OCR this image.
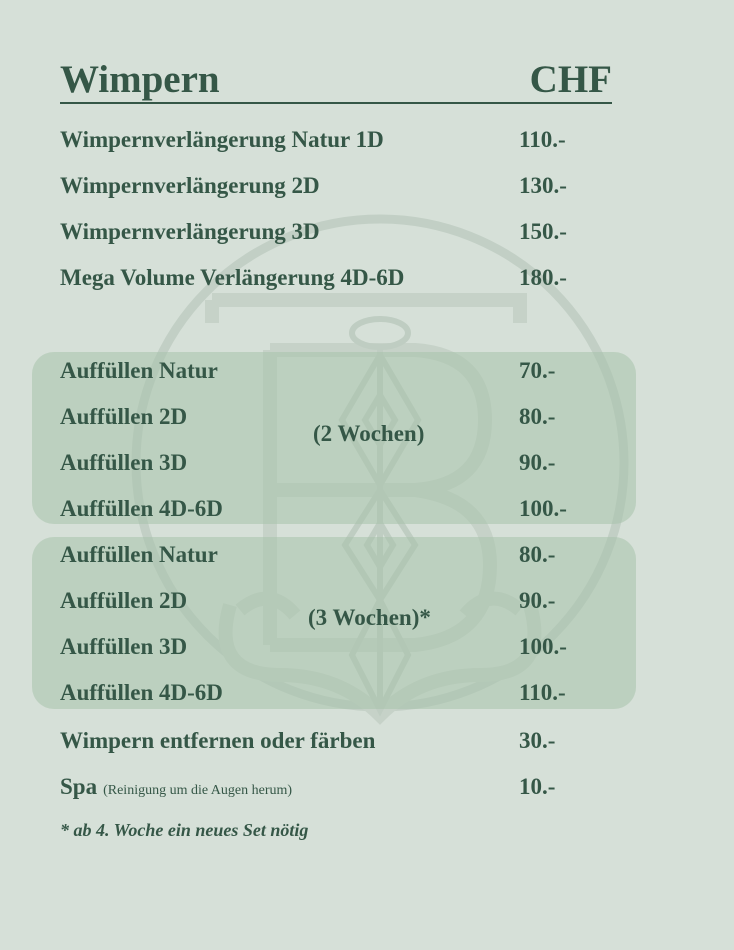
Wimpern	CHF
Wimpernverlängerung Natur 1D	110.-
Wimpernverlängerung 2D	130.-
Wimpernverlängerung 3D	150.-
Mega Volume Verlängerung 4D-6D	180.-
(2 Wochen)
Auffüllen Natur	70.-
Auffüllen 2D	80.-
Auffüllen 3D	90.-
Auffüllen 4D-6D	100.-
(3 Wochen)*
Auffüllen Natur	80.-
Auffüllen 2D	90.-
Auffüllen 3D	100.-
Auffüllen 4D-6D	110.-
Wimpern entfernen oder färben	30.-
Spa (Reinigung um die Augen herum)	10.-
* ab 4. Woche ein neues Set nötig
